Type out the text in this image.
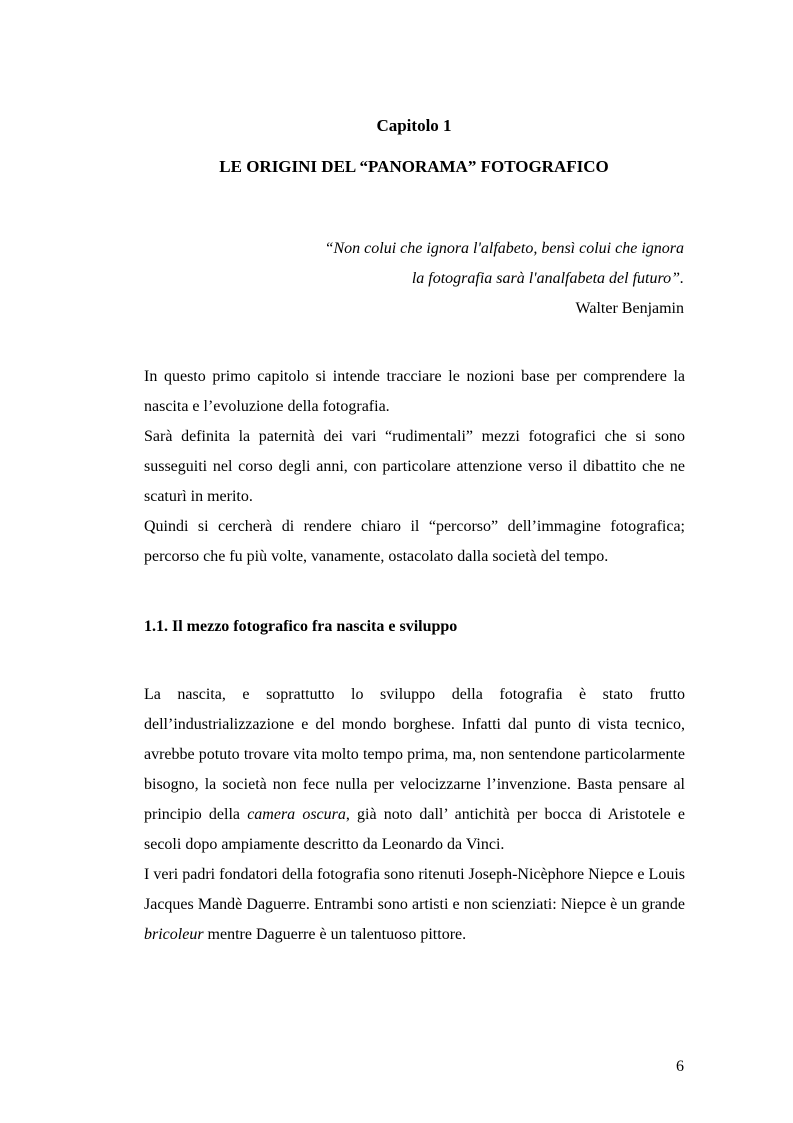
Capitolo 1
LE ORIGINI DEL “PANORAMA” FOTOGRAFICO
“Non colui che ignora l'alfabeto, bensì colui che ignora
la fotografia sarà l'analfabeta del futuro”.
Walter Benjamin

In questo primo capitolo si intende tracciare le nozioni base per comprendere la nascita e l’evoluzione della fotografia.

Sarà definita la paternità dei vari “rudimentali” mezzi fotografici che si sono susseguiti nel corso degli anni, con particolare attenzione verso il dibattito che ne scaturì in merito.

Quindi si cercherà di rendere chiaro il “percorso” dell’immagine fotografica; percorso che fu più volte, vanamente, ostacolato dalla società del tempo.

1.1. Il mezzo fotografico fra nascita e sviluppo

La nascita, e soprattutto lo sviluppo della fotografia è stato frutto dell’industrializzazione e del mondo borghese. Infatti dal punto di vista tecnico, avrebbe potuto trovare vita molto tempo prima, ma, non sentendone particolarmente bisogno, la società non fece nulla per velocizzarne l’invenzione. Basta pensare al principio della camera oscura, già noto dall’ antichità per bocca di Aristotele e secoli dopo ampiamente descritto da Leonardo da Vinci.

I veri padri fondatori della fotografia sono ritenuti Joseph-Nicèphore Niepce e Louis Jacques Mandè Daguerre. Entrambi sono artisti e non scienziati: Niepce è un grande bricoleur mentre Daguerre è un talentuoso pittore.

6
